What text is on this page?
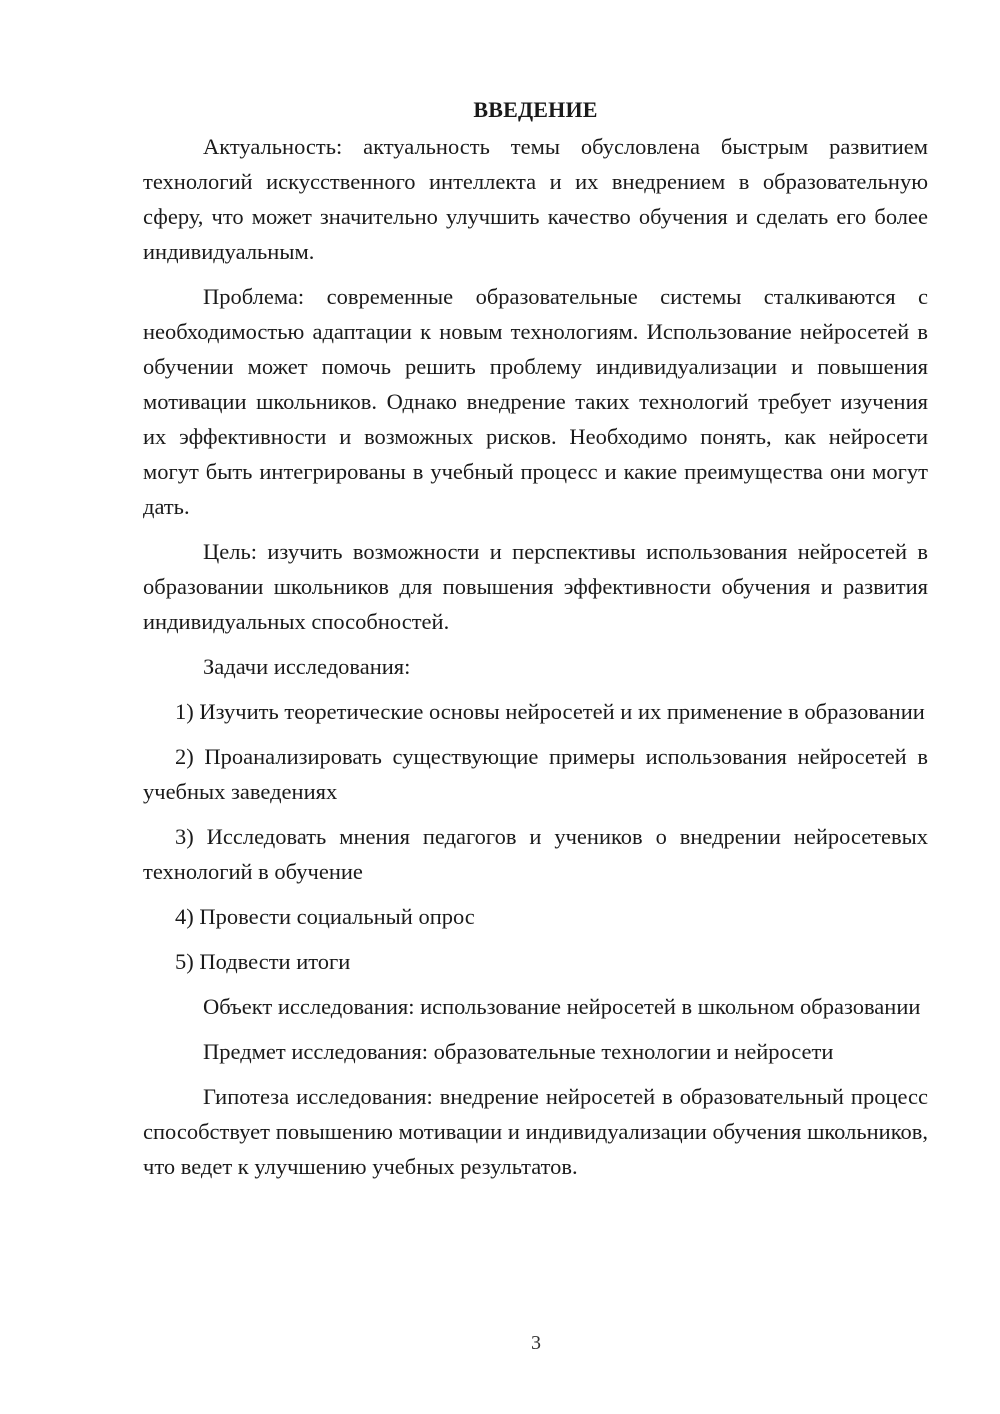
ВВЕДЕНИЕ

Актуальность: актуальность темы обусловлена быстрым развитием технологий искусственного интеллекта и их внедрением в образовательную сферу, что может значительно улучшить качество обучения и сделать его более индивидуальным.

Проблема: современные образовательные системы сталкиваются с необходимостью адаптации к новым технологиям. Использование нейросетей в обучении может помочь решить проблему индивидуализации и повышения мотивации школьников. Однако внедрение таких технологий требует изучения их эффективности и возможных рисков. Необходимо понять, как нейросети могут быть интегрированы в учебный процесс и какие преимущества они могут дать.

Цель: изучить возможности и перспективы использования нейросетей в образовании школьников для повышения эффективности обучения и развития индивидуальных способностей.

Задачи исследования:

1) Изучить теоретические основы нейросетей и их применение в образовании

2) Проанализировать существующие примеры использования нейросетей в учебных заведениях

3) Исследовать мнения педагогов и учеников о внедрении нейросетевых технологий в обучение

4) Провести социальный опрос

5) Подвести итоги

Объект исследования: использование нейросетей в школьном образовании

Предмет исследования: образовательные технологии и нейросети

Гипотеза исследования: внедрение нейросетей в образовательный процесс способствует повышению мотивации и индивидуализации обучения школьников, что ведет к улучшению учебных результатов.

3
